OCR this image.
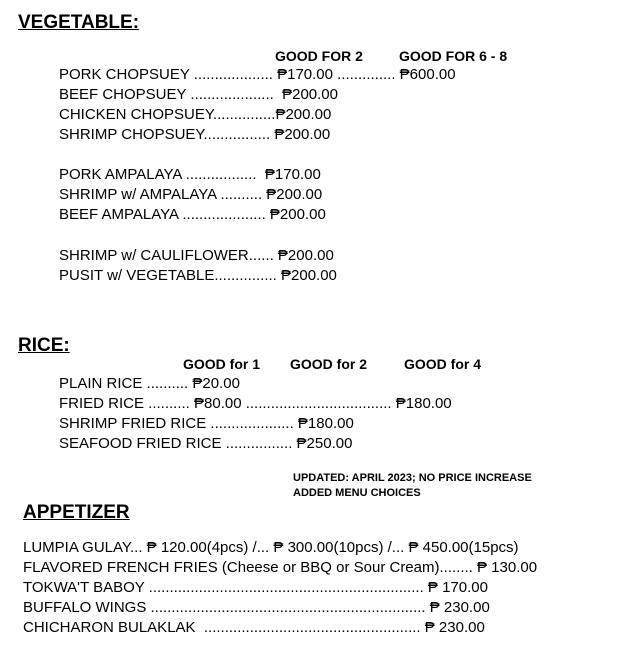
VEGETABLE:
GOOD FOR 2	GOOD FOR 6 - 8
PORK CHOPSUEY ................... ₱170.00 .............. ₱600.00
BEEF CHOPSUEY ....................  ₱200.00
CHICKEN CHOPSUEY...............₱200.00
SHRIMP CHOPSUEY................ ₱200.00
PORK AMPALAYA .................  ₱170.00
SHRIMP w/ AMPALAYA .......... ₱200.00
BEEF AMPALAYA .................... ₱200.00
SHRIMP w/ CAULIFLOWER...... ₱200.00
PUSIT w/ VEGETABLE............... ₱200.00
RICE:
GOOD for 1 GOOD for 2	GOOD for 4
PLAIN RICE .......... ₱20.00
FRIED RICE .......... ₱80.00 ................................... ₱180.00
SHRIMP FRIED RICE .................... ₱180.00
SEAFOOD FRIED RICE ................ ₱250.00
UPDATED: APRIL 2023; NO PRICE INCREASE
ADDED MENU CHOICES
APPETIZER
LUMPIA GULAY... ₱ 120.00(4pcs) /... ₱ 300.00(10pcs) /... ₱ 450.00(15pcs)
FLAVORED FRENCH FRIES (Cheese or BBQ or Sour Cream)........ ₱ 130.00
TOKWA'T BABOY .................................................................. ₱ 170.00
BUFFALO WINGS .................................................................. ₱ 230.00
CHICHARON BULAKLAK  .................................................... ₱ 230.00
